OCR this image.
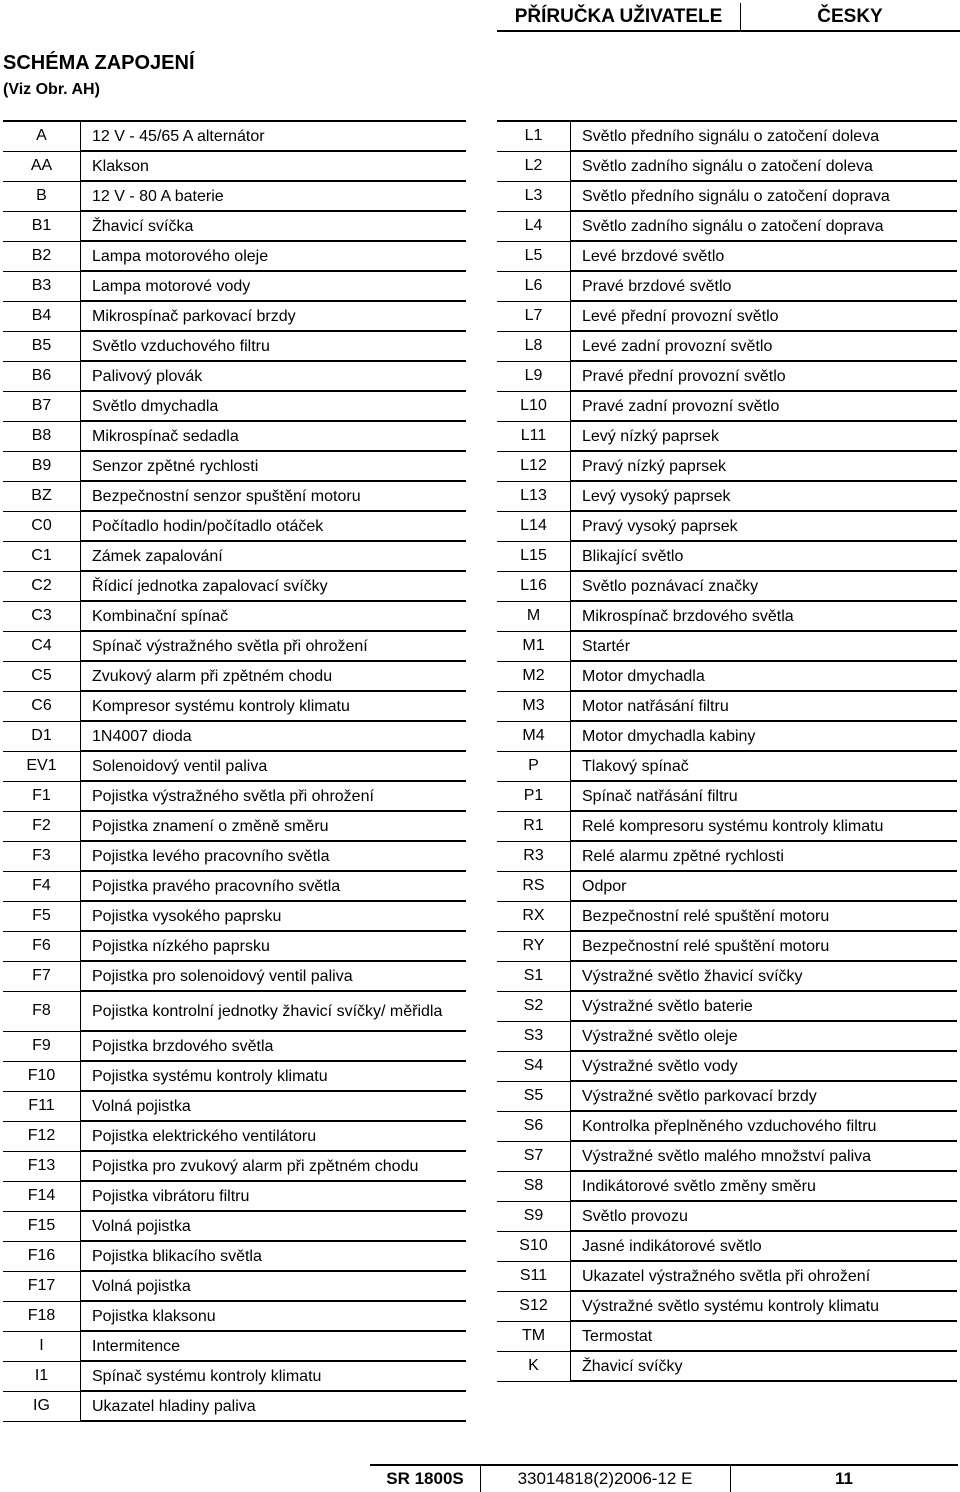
PŘÍRUČKA UŽIVATELE	ČESKY
SCHÉMA ZAPOJENÍ
(Viz Obr. AH)
A	12 V - 45/65 A alternátor
AA	Klakson
B	12 V - 80 A baterie
B1	Žhavicí svíčka
B2	Lampa motorového oleje
B3	Lampa motorové vody
B4	Mikrospínač parkovací brzdy
B5	Světlo vzduchového filtru
B6	Palivový plovák
B7	Světlo dmychadla
B8	Mikrospínač sedadla
B9	Senzor zpětné rychlosti
BZ	Bezpečnostní senzor spuštění motoru
C0	Počítadlo hodin/počítadlo otáček
C1	Zámek zapalování
C2	Řídicí jednotka zapalovací svíčky
C3	Kombinační spínač
C4	Spínač výstražného světla při ohrožení
C5	Zvukový alarm při zpětném chodu
C6	Kompresor systému kontroly klimatu
D1	1N4007 dioda
EV1	Solenoidový ventil paliva
F1	Pojistka výstražného světla při ohrožení
F2	Pojistka znamení o změně směru
F3	Pojistka levého pracovního světla
F4	Pojistka pravého pracovního světla
F5	Pojistka vysokého paprsku
F6	Pojistka nízkého paprsku
F7	Pojistka pro solenoidový ventil paliva
F8	Pojistka kontrolní jednotky žhavicí svíčky/ měřidla
F9	Pojistka brzdového světla
F10	Pojistka systému kontroly klimatu
F11	Volná pojistka
F12	Pojistka elektrického ventilátoru
F13	Pojistka pro zvukový alarm při zpětném chodu
F14	Pojistka vibrátoru filtru
F15	Volná pojistka
F16	Pojistka blikacího světla
F17	Volná pojistka
F18	Pojistka klaksonu
I	Intermitence
I1	Spínač systému kontroly klimatu
IG	Ukazatel hladiny paliva
L1	Světlo předního signálu o zatočení doleva
L2	Světlo zadního signálu o zatočení doleva
L3	Světlo předního signálu o zatočení doprava
L4	Světlo zadního signálu o zatočení doprava
L5	Levé brzdové světlo
L6	Pravé brzdové světlo
L7	Levé přední provozní světlo
L8	Levé zadní provozní světlo
L9	Pravé přední provozní světlo
L10	Pravé zadní provozní světlo
L11	Levý nízký paprsek
L12	Pravý nízký paprsek
L13	Levý vysoký paprsek
L14	Pravý vysoký paprsek
L15	Blikající světlo
L16	Světlo poznávací značky
M	Mikrospínač brzdového světla
M1	Startér
M2	Motor dmychadla
M3	Motor natřásání filtru
M4	Motor dmychadla kabiny
P	Tlakový spínač
P1	Spínač natřásání filtru
R1	Relé kompresoru systému kontroly klimatu
R3	Relé alarmu zpětné rychlosti
RS	Odpor
RX	Bezpečnostní relé spuštění motoru
RY	Bezpečnostní relé spuštění motoru
S1	Výstražné světlo žhavicí svíčky
S2	Výstražné světlo baterie
S3	Výstražné světlo oleje
S4	Výstražné světlo vody
S5	Výstražné světlo parkovací brzdy
S6	Kontrolka přeplněného vzduchového filtru
S7	Výstražné světlo malého množství paliva
S8	Indikátorové světlo změny směru
S9	Světlo provozu
S10	Jasné indikátorové světlo
S11	Ukazatel výstražného světla při ohrožení
S12	Výstražné světlo systému kontroly klimatu
TM	Termostat
K	Žhavicí svíčky
SR 1800S	33014818(2)2006-12 E	11
